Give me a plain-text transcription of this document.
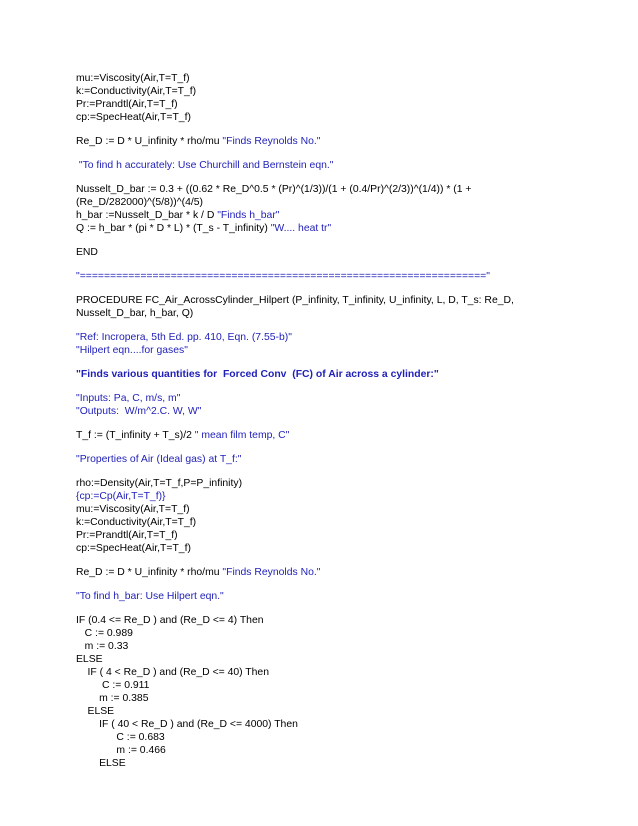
mu:=Viscosity(Air,T=T_f)
k:=Conductivity(Air,T=T_f)
Pr:=Prandtl(Air,T=T_f)
cp:=SpecHeat(Air,T=T_f)
Re_D := D * U_infinity * rho/mu "Finds Reynolds No."
"To find h accurately: Use Churchill and Bernstein eqn."
Nusselt_D_bar := 0.3 + ((0.62 * Re_D^0.5 * (Pr)^(1/3))/(1 + (0.4/Pr)^(2/3))^(1/4)) * (1 +
(Re_D/282000)^(5/8))^(4/5)
h_bar :=Nusselt_D_bar * k / D "Finds h_bar"
Q := h_bar * (pi * D * L) * (T_s - T_infinity) "W.... heat tr"
END
"==================================================================="
PROCEDURE FC_Air_AcrossCylinder_Hilpert (P_infinity, T_infinity, U_infinity, L, D, T_s: Re_D,
Nusselt_D_bar, h_bar, Q)
"Ref: Incropera, 5th Ed. pp. 410, Eqn. (7.55-b)"
"Hilpert eqn....for gases"
"Finds various quantities for  Forced Conv  (FC) of Air across a cylinder:"
"Inputs: Pa, C, m/s, m"
"Outputs:  W/m^2.C. W, W"
T_f := (T_infinity + T_s)/2 " mean film temp, C"
"Properties of Air (Ideal gas) at T_f:"
rho:=Density(Air,T=T_f,P=P_infinity)
{cp:=Cp(Air,T=T_f)}
mu:=Viscosity(Air,T=T_f)
k:=Conductivity(Air,T=T_f)
Pr:=Prandtl(Air,T=T_f)
cp:=SpecHeat(Air,T=T_f)
Re_D := D * U_infinity * rho/mu "Finds Reynolds No."
"To find h_bar: Use Hilpert eqn."
IF (0.4 <= Re_D ) and (Re_D <= 4) Then
C := 0.989
m := 0.33
ELSE
IF ( 4 < Re_D ) and (Re_D <= 40) Then
C := 0.911
m := 0.385
ELSE
IF ( 40 < Re_D ) and (Re_D <= 4000) Then
C := 0.683
m := 0.466
ELSE
